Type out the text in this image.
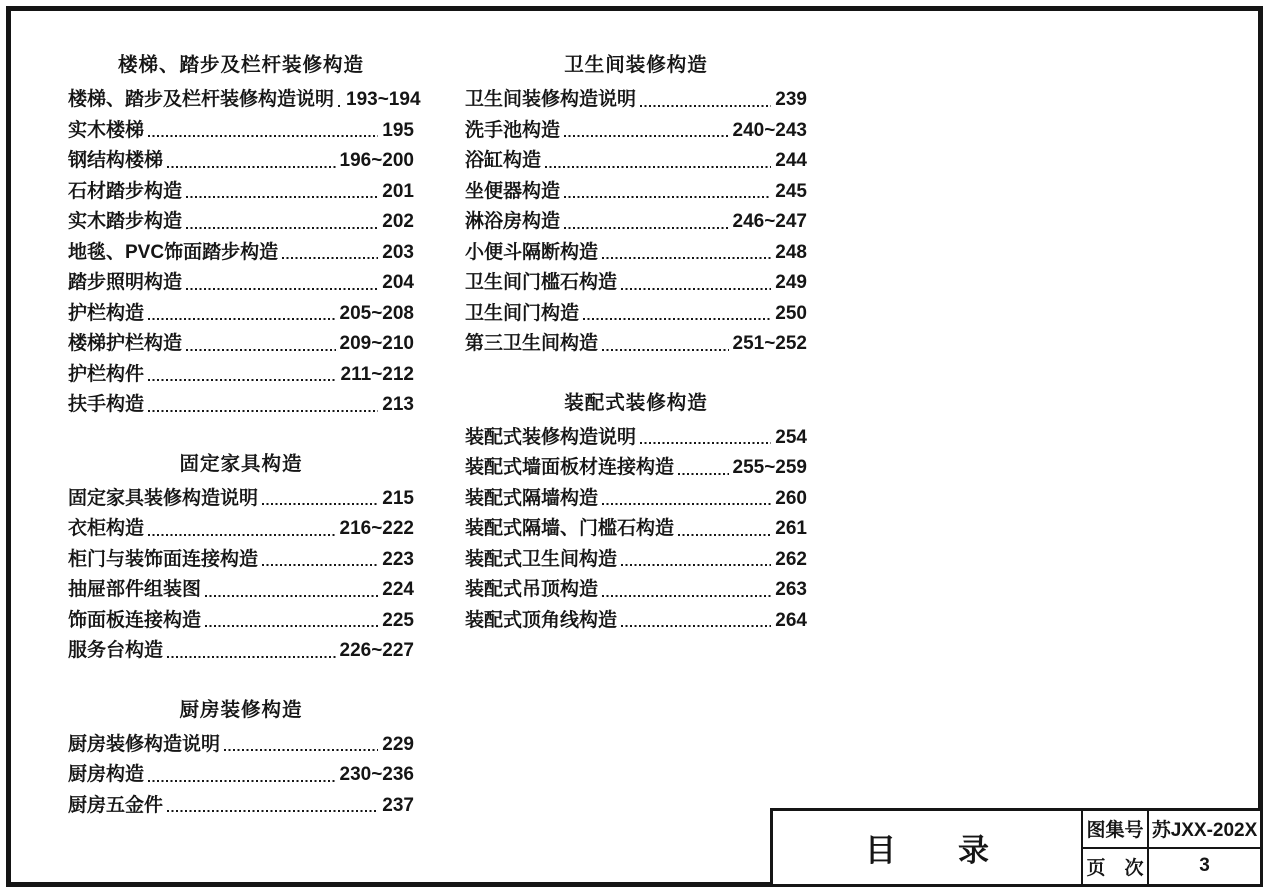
楼梯、踏步及栏杆装修构造
楼梯、踏步及栏杆装修构造说明 193~194
实木楼梯	195
钢结构楼梯	196~200
石材踏步构造	201
实木踏步构造	202
地毯、PVC饰面踏步构造	203
踏步照明构造	204
护栏构造	205~208
楼梯护栏构造	209~210
护栏构件	211~212
扶手构造	213
固定家具构造
固定家具装修构造说明	215
衣柜构造	216~222
柜门与装饰面连接构造	223
抽屉部件组装图	224
饰面板连接构造	225
服务台构造	226~227
厨房装修构造
厨房装修构造说明	229
厨房构造	230~236
厨房五金件	237
卫生间装修构造
卫生间装修构造说明	239
洗手池构造	240~243
浴缸构造	244
坐便器构造	245
淋浴房构造	246~247
小便斗隔断构造	248
卫生间门槛石构造	249
卫生间门构造	250
第三卫生间构造	251~252
装配式装修构造
装配式装修构造说明	254
装配式墙面板材连接构造	255~259
装配式隔墙构造	260
装配式隔墙、门槛石构造	261
装配式卫生间构造	262
装配式吊顶构造	263
装配式顶角线构造	264
目　　录
图集号 苏JXX-202X
页　次	3
